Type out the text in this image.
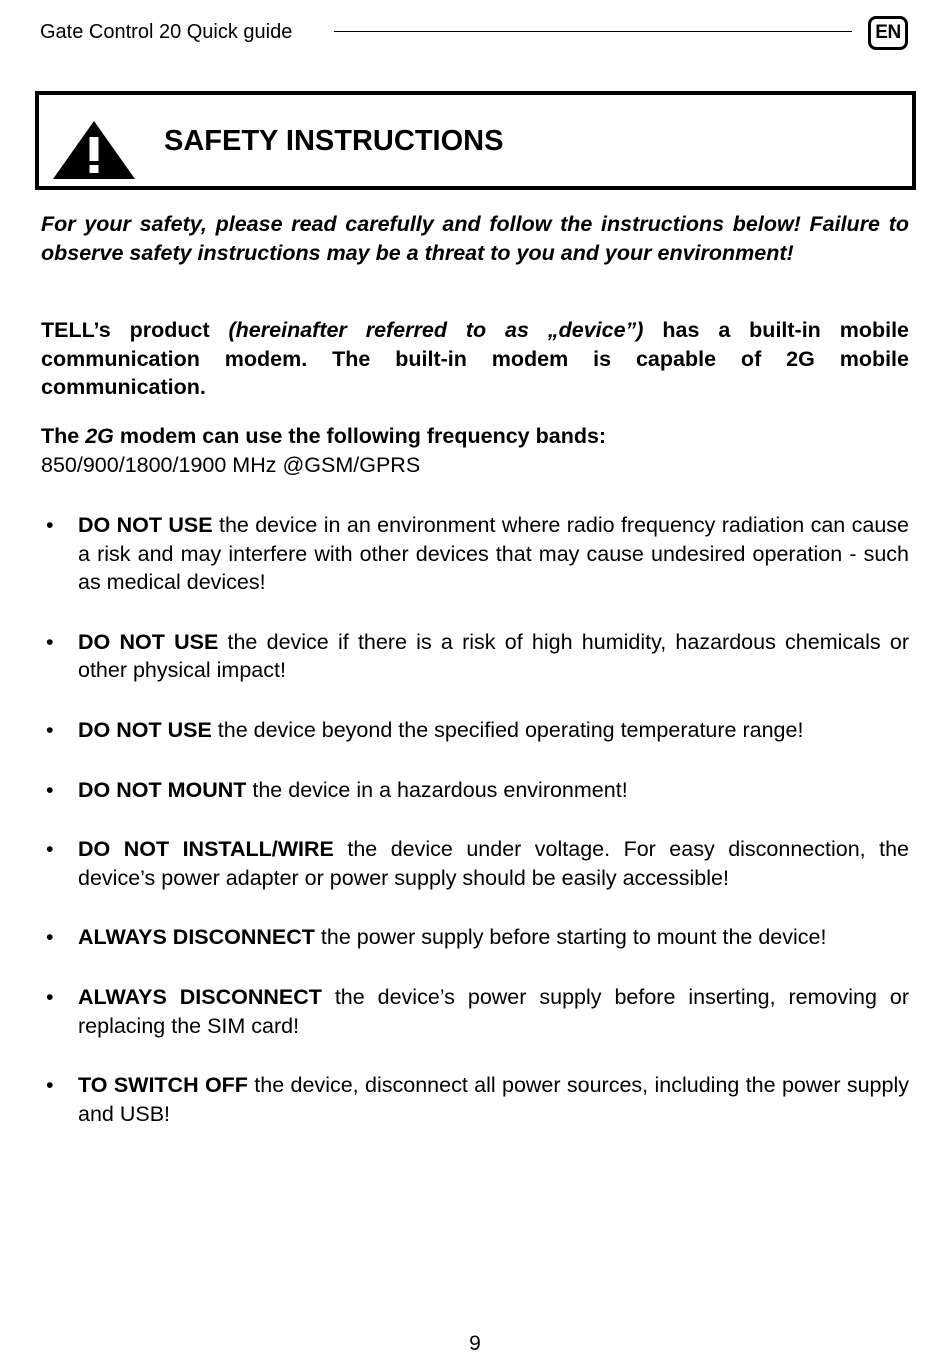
Gate Control 20 Quick guide	EN
SAFETY INSTRUCTIONS

For your safety, please read carefully and follow the instructions below! Failure to observe safety instructions may be a threat to you and your environment!

TELL’s product (hereinafter referred to as „device”) has a built-in mobile communication modem. The built-in modem is capable of 2G mobile communication.

The 2G modem can use the following frequency bands:

850/900/1800/1900 MHz @GSM/GPRS

• DO NOT USE the device in an environment where radio frequency radiation can cause a risk and may interfere with other devices that may cause undesired operation - such as medical devices!
• DO NOT USE the device if there is a risk of high humidity, hazardous chemicals or other physical impact!
• DO NOT USE the device beyond the specified operating temperature range!
• DO NOT MOUNT the device in a hazardous environment!
• DO NOT INSTALL/WIRE the device under voltage. For easy disconnection, the device’s power adapter or power supply should be easily accessible!
• ALWAYS DISCONNECT the power supply before starting to mount the device!
• ALWAYS DISCONNECT the device’s power supply before inserting, removing or replacing the SIM card!
• TO SWITCH OFF the device, disconnect all power sources, including the power supply and USB!
9
